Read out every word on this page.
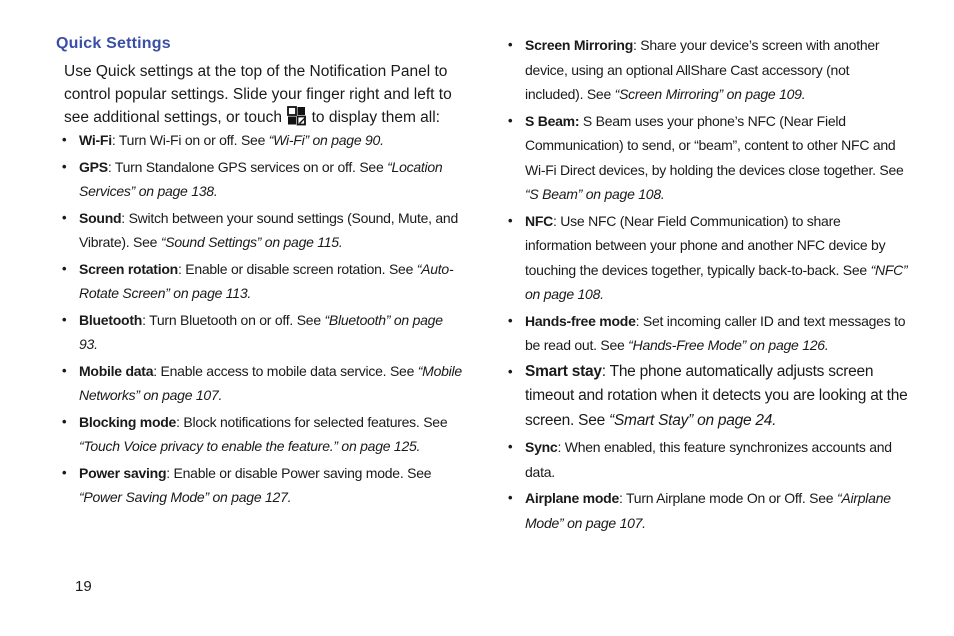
Quick Settings
Use Quick settings at the top of the Notification Panel to control popular settings. Slide your finger right and left to see additional settings, or touch  to display them all:
• Wi-Fi: Turn Wi-Fi on or off. See “Wi-Fi” on page 90.
• GPS: Turn Standalone GPS services on or off. See “Location Services” on page 138.
• Sound: Switch between your sound settings (Sound, Mute, and Vibrate). See “Sound Settings” on page 115.
• Screen rotation: Enable or disable screen rotation. See “Auto-Rotate Screen” on page 113.
• Bluetooth: Turn Bluetooth on or off. See “Bluetooth” on page 93.
• Mobile data: Enable access to mobile data service. See “Mobile Networks” on page 107.
• Blocking mode: Block notifications for selected features. See “Touch Voice privacy to enable the feature.” on page 125.
• Power saving: Enable or disable Power saving mode. See “Power Saving Mode” on page 127.
• Screen Mirroring: Share your device’s screen with another device, using an optional AllShare Cast accessory (not included). See “Screen Mirroring” on page 109.
• S Beam: S Beam uses your phone’s NFC (Near Field Communication) to send, or “beam”, content to other NFC and Wi-Fi Direct devices, by holding the devices close together. See “S Beam” on page 108.
• NFC: Use NFC (Near Field Communication) to share information between your phone and another NFC device by touching the devices together, typically back-to-back. See “NFC” on page 108.
• Hands-free mode: Set incoming caller ID and text messages to be read out. See “Hands-Free Mode” on page 126.
• Smart stay: The phone automatically adjusts screen timeout and rotation when it detects you are looking at the screen. See “Smart Stay” on page 24.
• Sync: When enabled, this feature synchronizes accounts and data.
• Airplane mode: Turn Airplane mode On or Off. See “Airplane Mode” on page 107.
19
